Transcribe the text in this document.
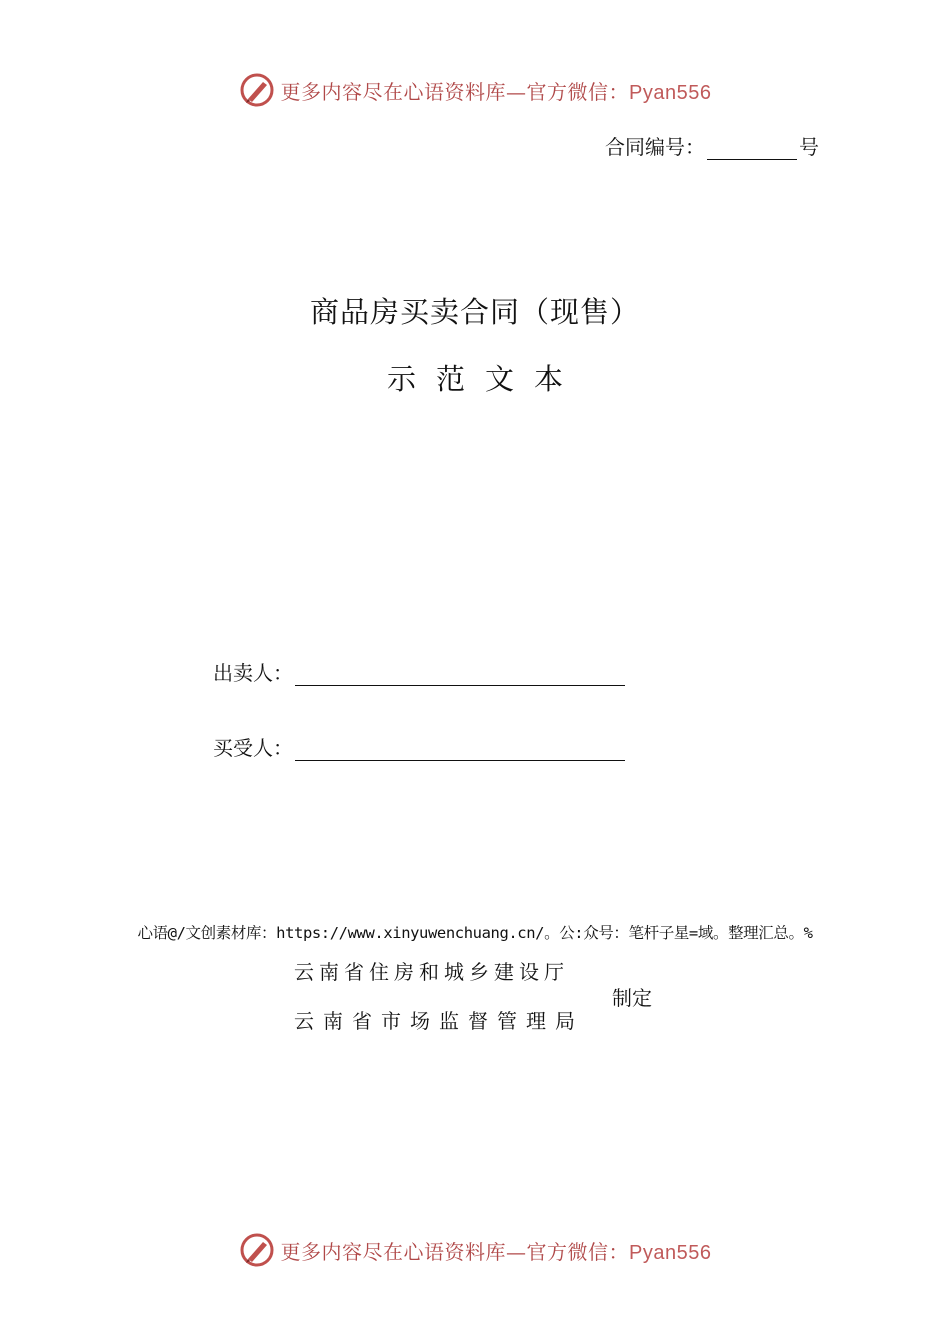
更多内容尽在心语资料库—官方微信：Pyan556
合同编号：	号
商品房买卖合同（现售）
示范文本
出卖人：
买受人：
心语@/文创素材库：https://www.xinyuwenchuang.cn/。公:众号：笔杆子星=域。整理汇总。%
云南省住房和城乡建设厅
云南省市场监督管理局
制定
更多内容尽在心语资料库—官方微信：Pyan556
